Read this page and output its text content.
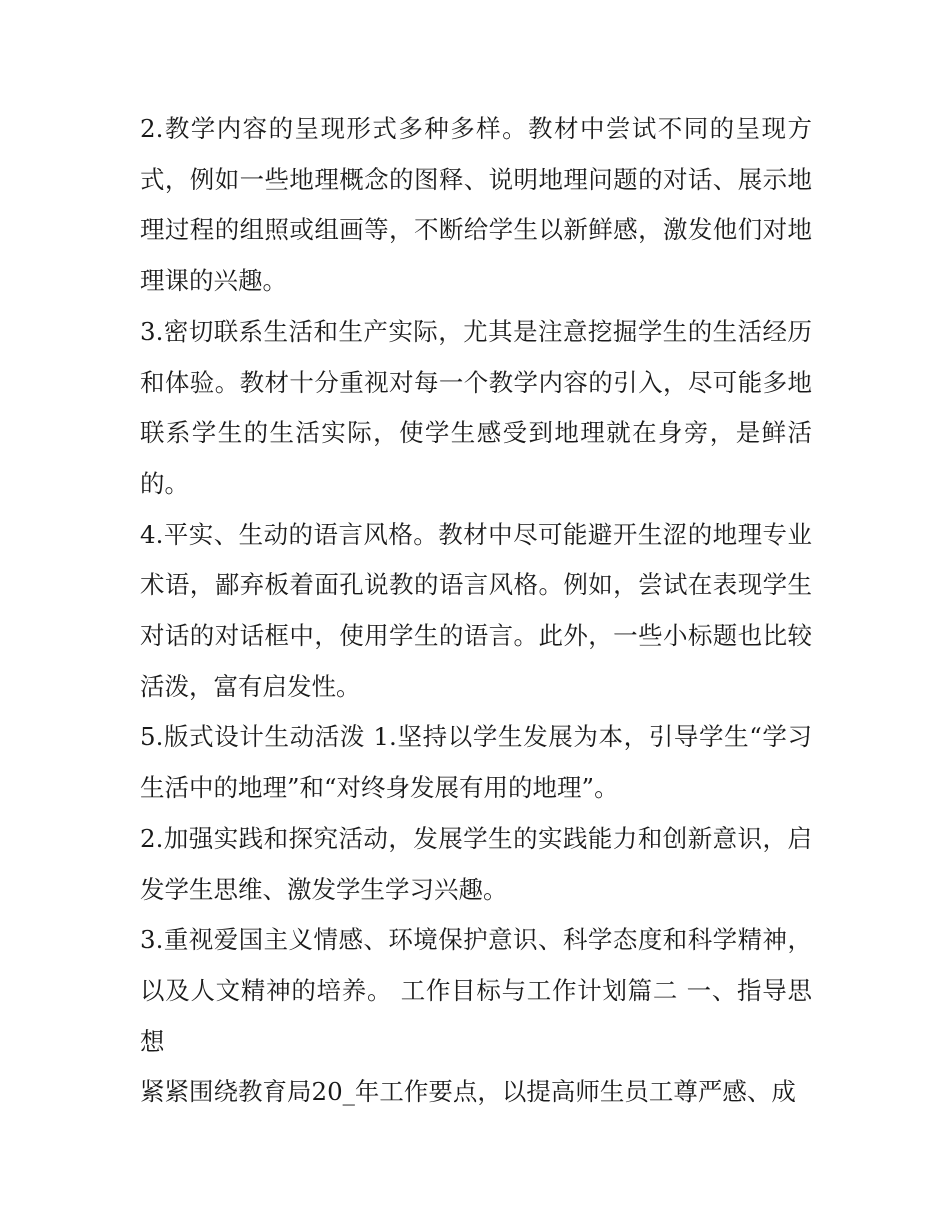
2.教学内容的呈现形式多种多样。教材中尝试不同的呈现方式，例如一些地理概念的图释、说明地理问题的对话、展示地理过程的组照或组画等，不断给学生以新鲜感，激发他们对地理课的兴趣。

3.密切联系生活和生产实际，尤其是注意挖掘学生的生活经历和体验。教材十分重视对每一个教学内容的引入，尽可能多地联系学生的生活实际，使学生感受到地理就在身旁，是鲜活的。

4.平实、生动的语言风格。教材中尽可能避开生涩的地理专业术语，鄙弃板着面孔说教的语言风格。例如，尝试在表现学生对话的对话框中，使用学生的语言。此外，一些小标题也比较活泼，富有启发性。

5.版式设计生动活泼 1.坚持以学生发展为本，引导学生“学习生活中的地理”和“对终身发展有用的地理”。

2.加强实践和探究活动，发展学生的实践能力和创新意识，启发学生思维、激发学生学习兴趣。

3.重视爱国主义情感、环境保护意识、科学态度和科学精神，以及人文精神的培养。 工作目标与工作计划篇二 一、指导思想

紧紧围绕教育局20_年工作要点，以提高师生员工尊严感、成
